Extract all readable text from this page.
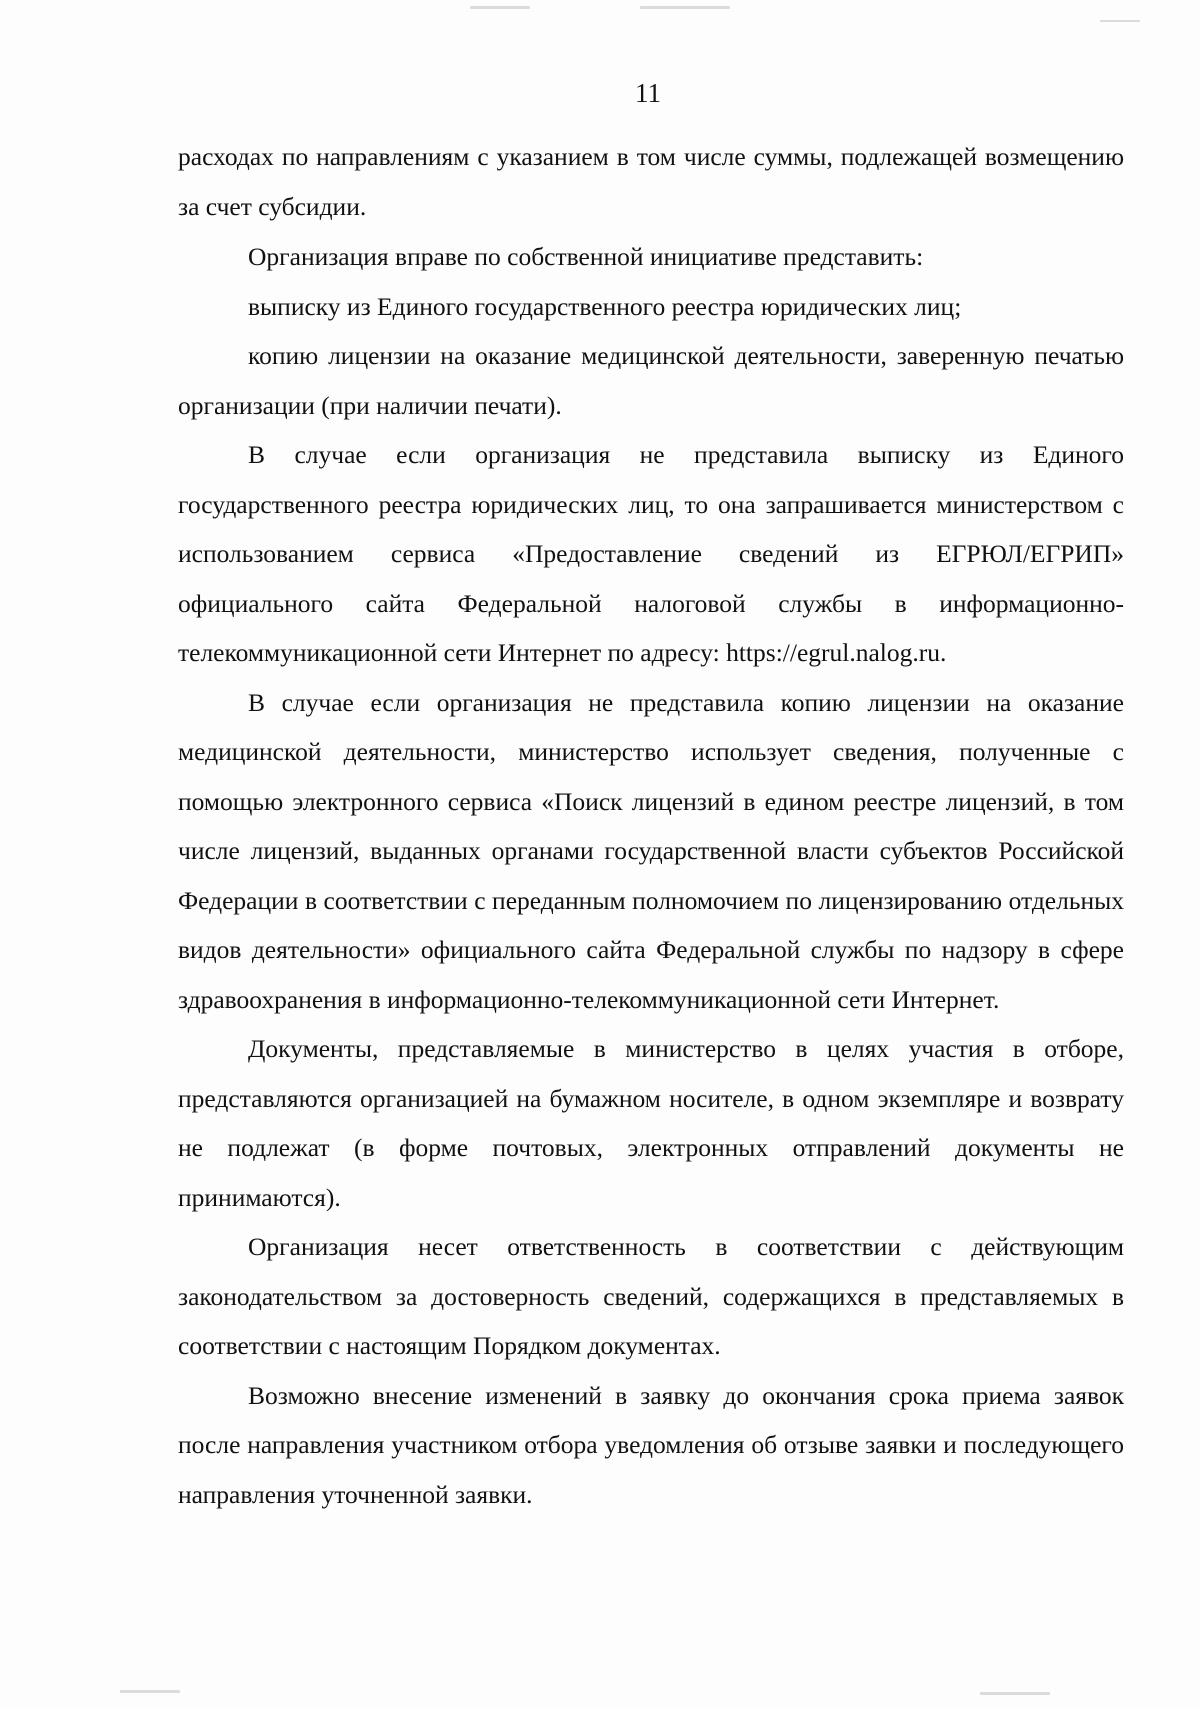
11

расходах по направлениям с указанием в том числе суммы, подлежащей возмещению за счет субсидии.

Организация вправе по собственной инициативе представить:

выписку из Единого государственного реестра юридических лиц;

копию лицензии на оказание медицинской деятельности, заверенную печатью организации (при наличии печати).

В случае если организация не представила выписку из Единого государственного реестра юридических лиц, то она запрашивается министерством с использованием сервиса «Предоставление сведений из ЕГРЮЛ/ЕГРИП» официального сайта Федеральной налоговой службы в информационно-телекоммуникационной сети Интернет по адресу: https://egrul.nalog.ru.

В случае если организация не представила копию лицензии на оказание медицинской деятельности, министерство использует сведения, полученные с помощью электронного сервиса «Поиск лицензий в едином реестре лицензий, в том числе лицензий, выданных органами государственной власти субъектов Российской Федерации в соответствии с переданным полномочием по лицензированию отдельных видов деятельности» официального сайта Федеральной службы по надзору в сфере здравоохранения в информационно-телекоммуникационной сети Интернет.

Документы, представляемые в министерство в целях участия в отборе, представляются организацией на бумажном носителе, в одном экземпляре и возврату не подлежат (в форме почтовых, электронных отправлений документы не принимаются).

Организация несет ответственность в соответствии с действующим законодательством за достоверность сведений, содержащихся в представляемых в соответствии с настоящим Порядком документах.

Возможно внесение изменений в заявку до окончания срока приема заявок после направления участником отбора уведомления об отзыве заявки и последующего направления уточненной заявки.
